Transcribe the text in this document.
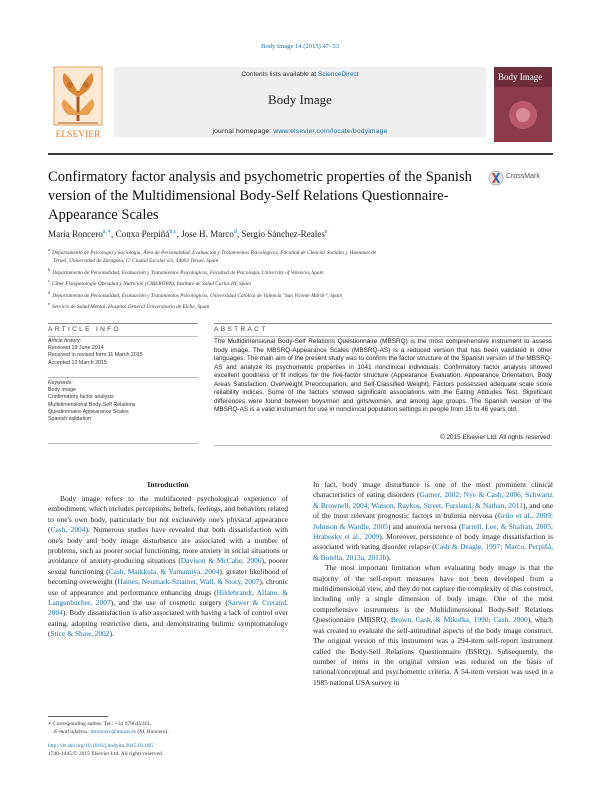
Body Image 14 (2015) 47–53
ELSEVIER
Contents lists available at ScienceDirect
Body Image
journal homepage: www.elsevier.com/locate/bodyimage
Body Image
Confirmatory factor analysis and psychometric properties of the Spanish version of the Multidimensional Body-Self Relations Questionnaire-Appearance Scales
CrossMark
María Roncero$^{a,∗}$, Conxa Perpiñá$^{b,c}$, Jose H. Marco$^d$, Sergio Sánchez-Reales$^e$
$^a$Departamento de Psicología y Sociología, Área de Personalidad, Evaluación y Tratamientos Psicológicos, Facultad de Ciencias Sociales y Humanas de
Teruel, Universidad de Zaragoza, C/ Ciudad Escolar s/n, 44003 Teruel, Spain
$^b$Departamento de Personalidad, Evaluación y Tratamientos Psicológicos, Facultad de Psicología, University of Valencia, Spain
$^c$Ciber Fisiopatología Obesidad y Nutrición (CIBEROBN), Instituto de Salud Carlos III, Spain
$^d$Departamento de Personalidad, Evaluación y Tratamientos Psicológicos, Universidad Católica de Valencia "San Vicente Mártir", Spain
$^e$Servicio de Salud Mental, Hospital General Universitario de Elche, Spain
ARTICLE INFO
Article history:
Received 19 June 2014
Received in revised form 11 March 2015
Accepted 13 March 2015
Keywords:
Body image
Confirmatory factor analysis
Multidimensional Body-Self Relations
Questionnaire-Appearance Scales
Spanish validation
ABSTRACT
The Multidimensional Body-Self Relations Questionnaire (MBSRQ) is the most comprehensive instrument to assess body image. The MBSRQ-Appearance Scales (MBSRQ-AS) is a reduced version that has been validated in other languages. The main aim of the present study was to confirm the factor structure of the Spanish version of the MBSRQ-AS and analyze its psychometric properties in 1041 nonclinical individuals. Confirmatory factor analysis showed excellent goodness of fit indices for the five-factor structure (Appearance Evaluation, Appearance Orientation, Body Areas Satisfaction, Overweight Preoccupation, and Self-Classified Weight). Factors possessed adequate scale score reliability indices. Some of the factors showed significant associations with the Eating Attitudes Test. Significant differences were found between boys/men and girls/women, and among age groups. The Spanish version of the MBSRQ-AS is a valid instrument for use in nonclinical population settings in people from 15 to 46 years old.
© 2015 Elsevier Ltd. All rights reserved.
Introduction

Body image refers to the multifaceted psychological experience of embodiment, which includes perceptions, beliefs, feelings, and behaviors related to one's own body, particularly but not exclusively one's physical appearance (Cash, 2004). Numerous studies have revealed that both dissatisfaction with one's body and body image disturbance are associated with a number of problems, such as poorer social functioning, more anxiety in social situations or avoidance of anxiety-producing situations (Davison & McCabe, 2006), poorer sexual functioning (Cash, Maikkula, & Yamamiya, 2004), greater likelihood of becoming overweight (Haines, Neumark-Sztainer, Wall, & Story, 2007), chronic use of appearance and performance enhancing drugs (Hildebrandt, Alfano, & Langenbucher, 2007), and the use of cosmetic surgery (Sarwer & Crerand, 2004). Body dissatisfaction is also associated with having a lack of control over eating, adopting restrictive diets, and demonstrating bulimic symptomatology (Stice & Shaw, 2002).

In fact, body image disturbance is one of the most prominent clinical characteristics of eating disorders (Garner, 2002; Nye & Cash, 2006; Schwartz & Brownell, 2004; Watson, Raykos, Street, Fursland, & Nathan, 2011), and one of the most relevant prognostic factors in bulimia nervosa (Grilo et al., 2009; Johnson & Wardle, 2005) and anorexia nervosa (Farrell, Lee, & Shafran, 2005; Hrabosky et al., 2009). Moreover, persistence of body image dissatisfaction is associated with eating disorder relapse (Cash & Deagle, 1997; Marco, Perpiñá, & Botella, 2013a, 2013b).

The most important limitation when evaluating body image is that the majority of the self-report measures have not been developed from a multidimensional view, and they do not capture the complexity of this construct, including only a single dimension of body image. One of the most comprehensive instruments is the Multidimensional Body-Self Relations Questionnaire (MBSRQ; Brown, Cash, & Mikulka, 1990; Cash, 2000), which was created to evaluate the self-attitudinal aspects of the body image construct. The original version of this instrument was a 294-item self-report instrument called the Body-Self Relations Questionnaire (BSRQ). Subsequently, the number of items in the original version was reduced on the basis of rational/conceptual and psychometric criteria. A 54-item version was used in a 1985 national USA survey in

∗ Corresponding author. Tel.: +34 978645343.
E-mail address: mroncero@unizar.es (M. Roncero).
http://dx.doi.org/10.1016/j.bodyim.2015.03.005
1740-1445/© 2015 Elsevier Ltd. All rights reserved.
